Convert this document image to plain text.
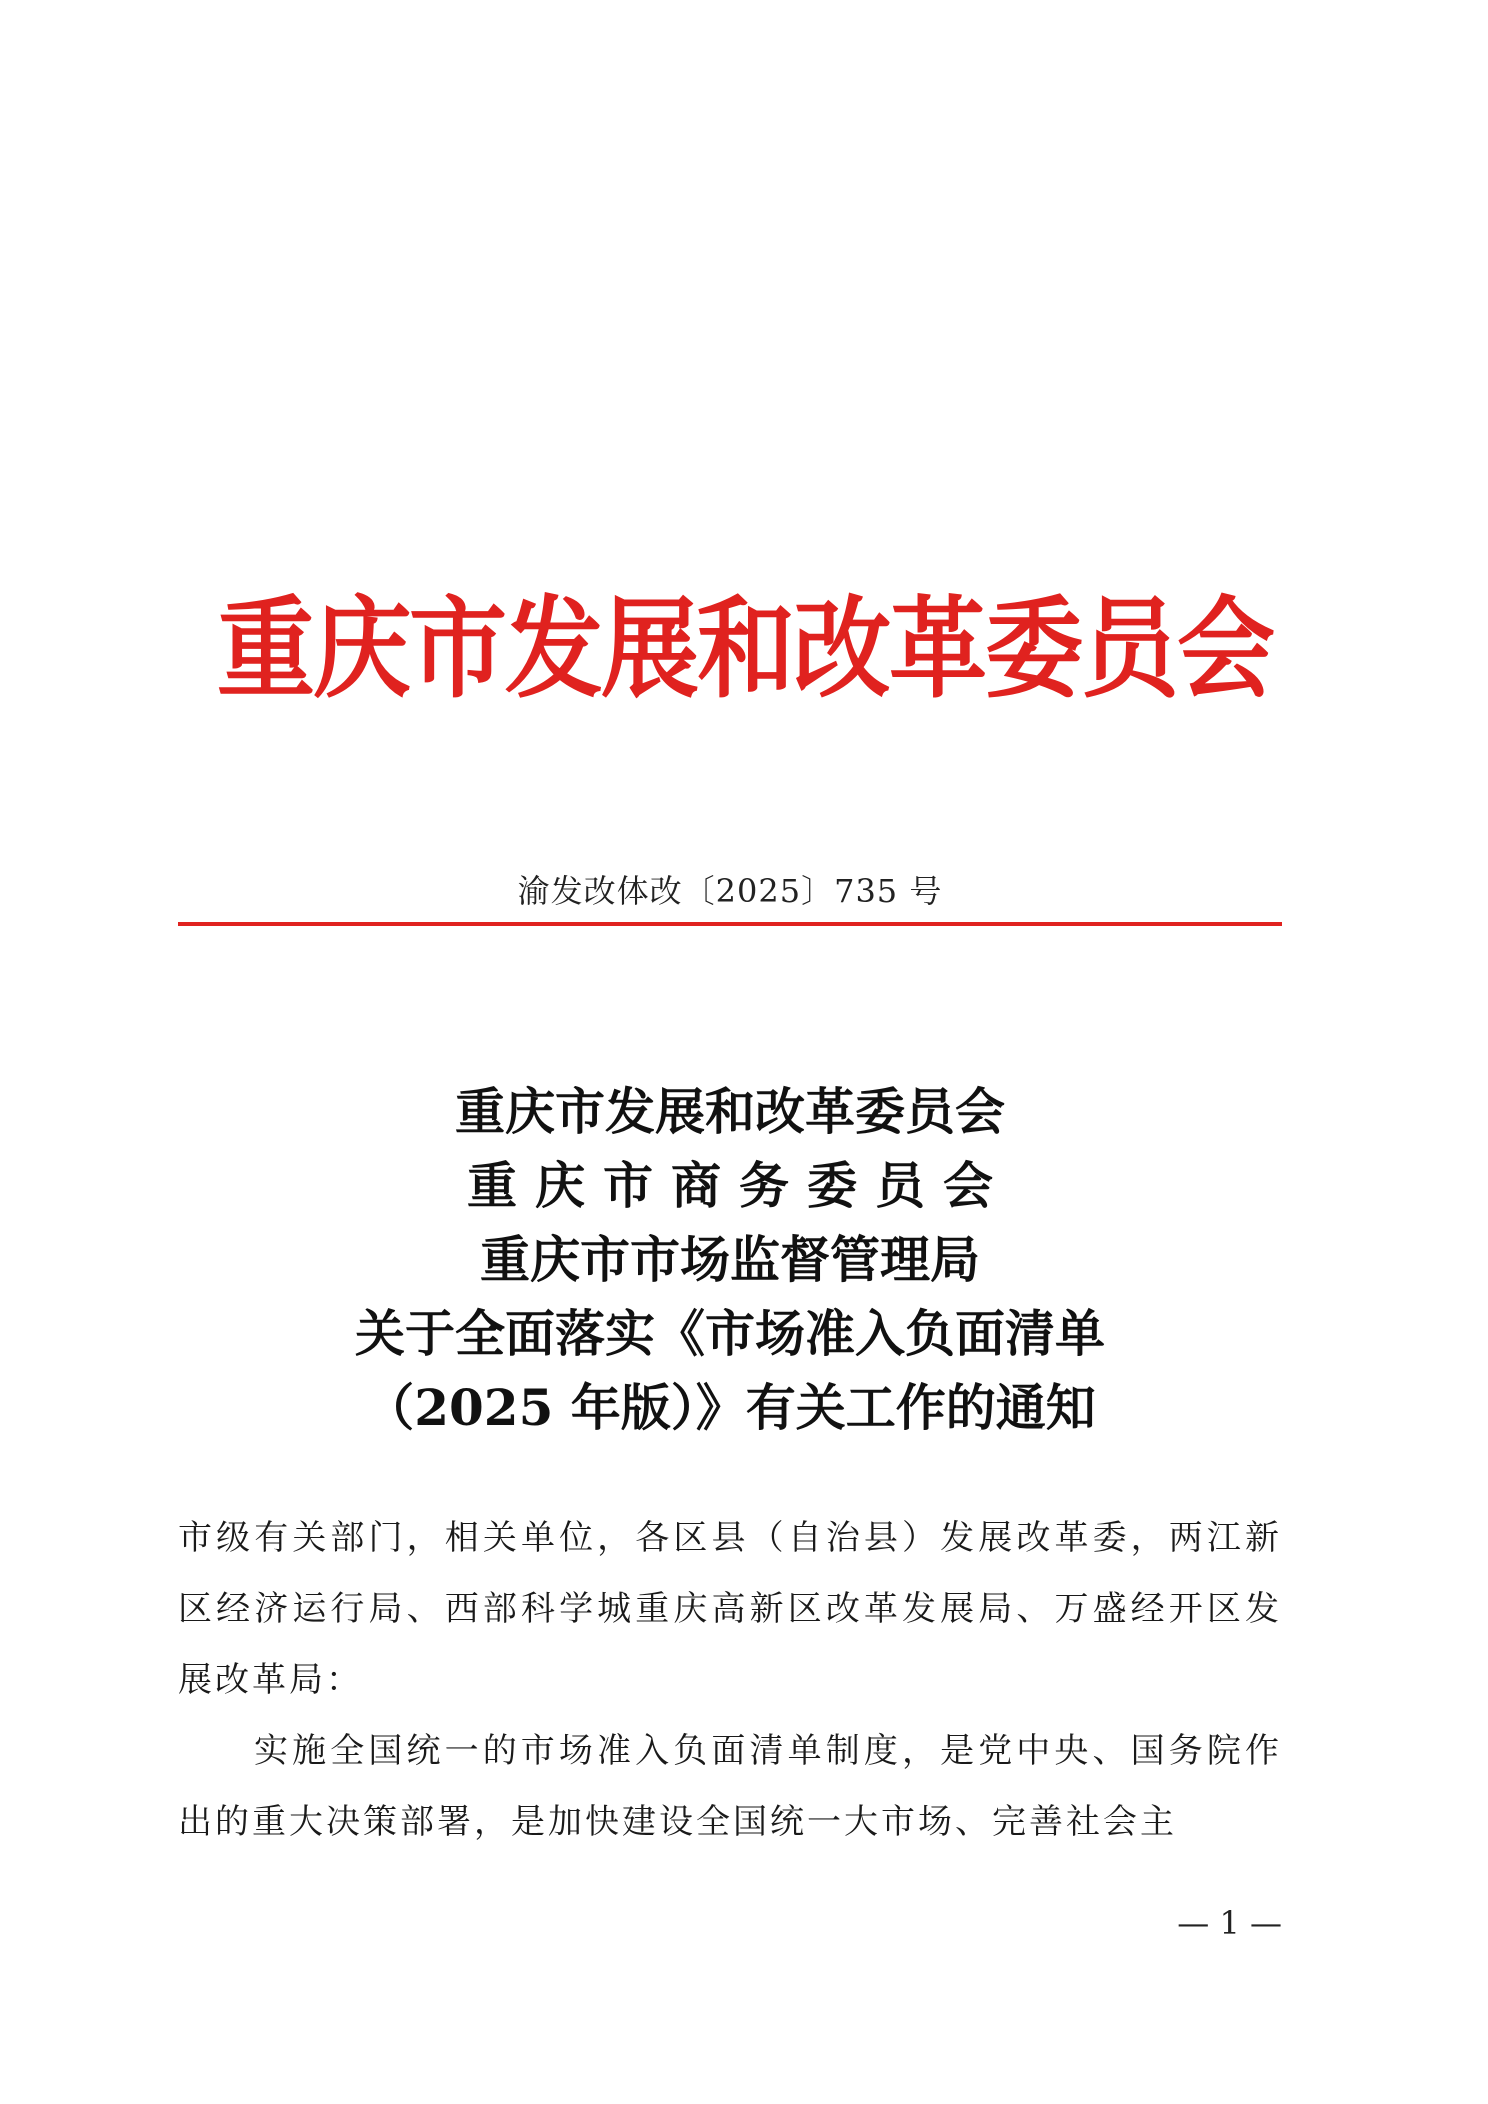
重庆市发展和改革委员会
渝发改体改〔2025〕735 号
重庆市发展和改革委员会
重庆市商务委员会
重庆市市场监督管理局
关于全面落实《市场准入负面清单
（2025 年版）》有关工作的通知

市级有关部门，相关单位，各区县（自治县）发展改革委，两江新区经济运行局、西部科学城重庆高新区改革发展局、万盛经开区发展改革局：

实施全国统一的市场准入负面清单制度，是党中央、国务院作出的重大决策部署，是加快建设全国统一大市场、完善社会主

— 1 —
